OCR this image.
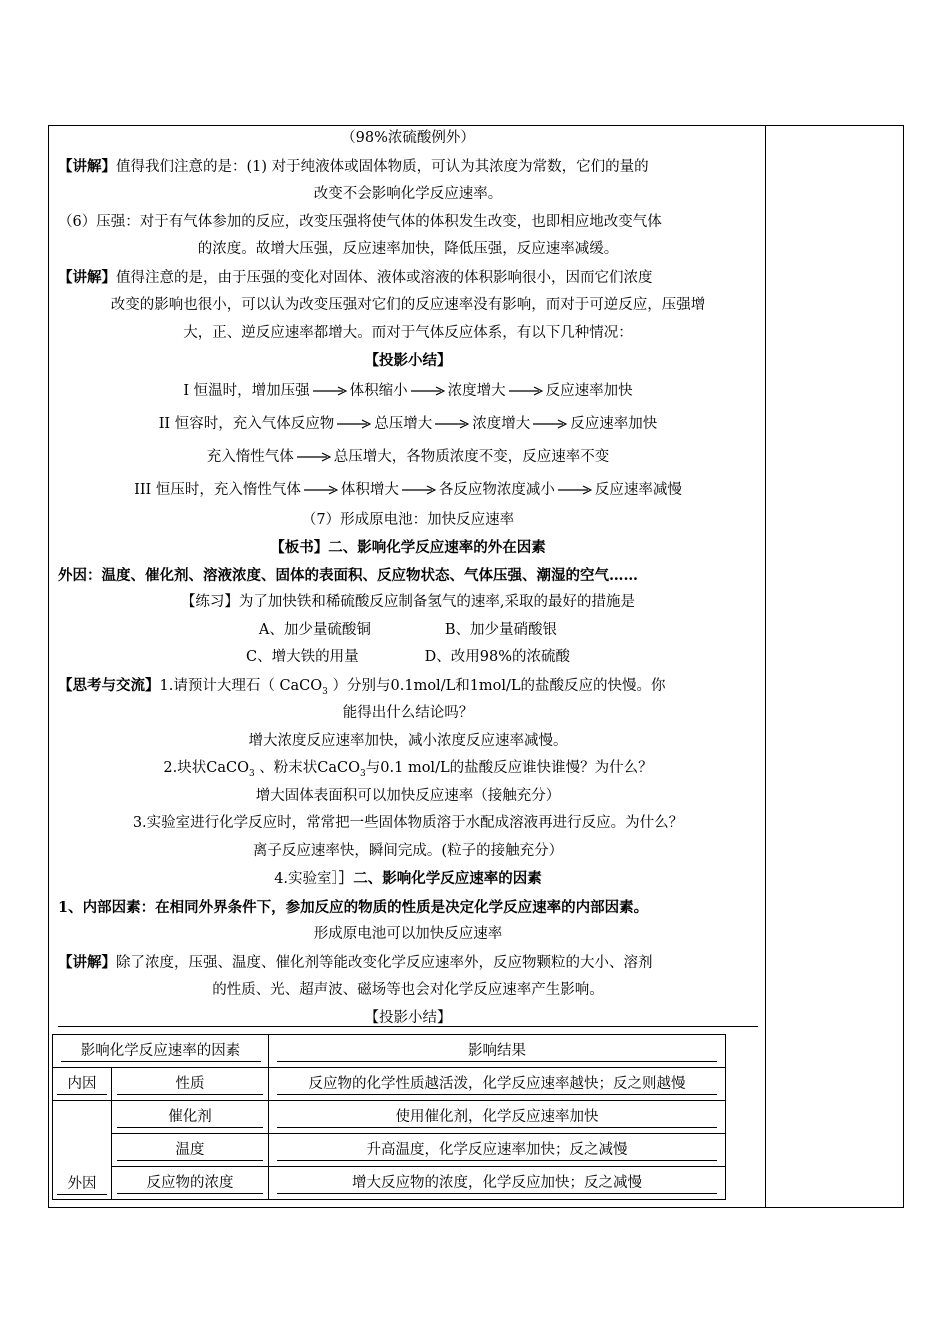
（98%浓硫酸例外）
【讲解】值得我们注意的是：(1) 对于纯液体或固体物质，可认为其浓度为常数，它们的量的
改变不会影响化学反应速率。
（6）压强：对于有气体参加的反应，改变压强将使气体的体积发生改变，也即相应地改变气体
的浓度。故增大压强，反应速率加快，降低压强，反应速率减缓。
【讲解】值得注意的是，由于压强的变化对固体、液体或溶液的体积影响很小，因而它们浓度
改变的影响也很小，可以认为改变压强对它们的反应速率没有影响，而对于可逆反应，压强增
大，正、逆反应速率都增大。而对于气体反应体系，有以下几种情况：
【投影小结】
I 恒温时，增加压强	体积缩小	浓度增大	反应速率加快
II 恒容时，充入气体反应物	总压增大	浓度增大	反应速率加快
充入惰性气体	总压增大，各物质浓度不变，反应速率不变
III 恒压时，充入惰性气体	体积增大	各反应物浓度减小	反应速率减慢
（7）形成原电池：加快反应速率
【板书】二、影响化学反应速率的外在因素
外因：温度、催化剂、溶液浓度、固体的表面积、反应物状态、气体压强、潮湿的空气……
【练习】为了加快铁和稀硫酸反应制备氢气的速率,采取的最好的措施是
A、加少量硫酸铜	B、加少量硝酸银
C、增大铁的用量	D、改用98%的浓硫酸
【思考与交流】1.请预计大理石（ CaCO$_3$ ）分别与0.1mol/L和1mol/L的盐酸反应的快慢。你
能得出什么结论吗？
增大浓度反应速率加快，减小浓度反应速率减慢。
2.块状CaCO$_3$ 、粉末状CaCO$_3$与0.1 mol/L的盐酸反应谁快谁慢？为什么？
增大固体表面积可以加快反应速率（接触充分）
3.实验室进行化学反应时，常常把一些固体物质溶于水配成溶液再进行反应。为什么？
离子反应速率快，瞬间完成。(粒子的接触充分）
4.实验室］］二、影响化学反应速率的因素
1、内部因素：在相同外界条件下，参加反应的物质的性质是决定化学反应速率的内部因素。
形成原电池可以加快反应速率
【讲解】除了浓度，压强、温度、催化剂等能改变化学反应速率外，反应物颗粒的大小、溶剂
的性质、光、超声波、磁场等也会对化学反应速率产生影响。
【投影小结】
影响化学反应速率的因素		影响结果
内因	性质	反应物的化学性质越活泼，化学反应速率越快；反之则越慢
外因	催化剂	使用催化剂，化学反应速率加快
	温度	升高温度，化学反应速率加快；反之减慢
	反应物的浓度	增大反应物的浓度，化学反应加快；反之减慢
